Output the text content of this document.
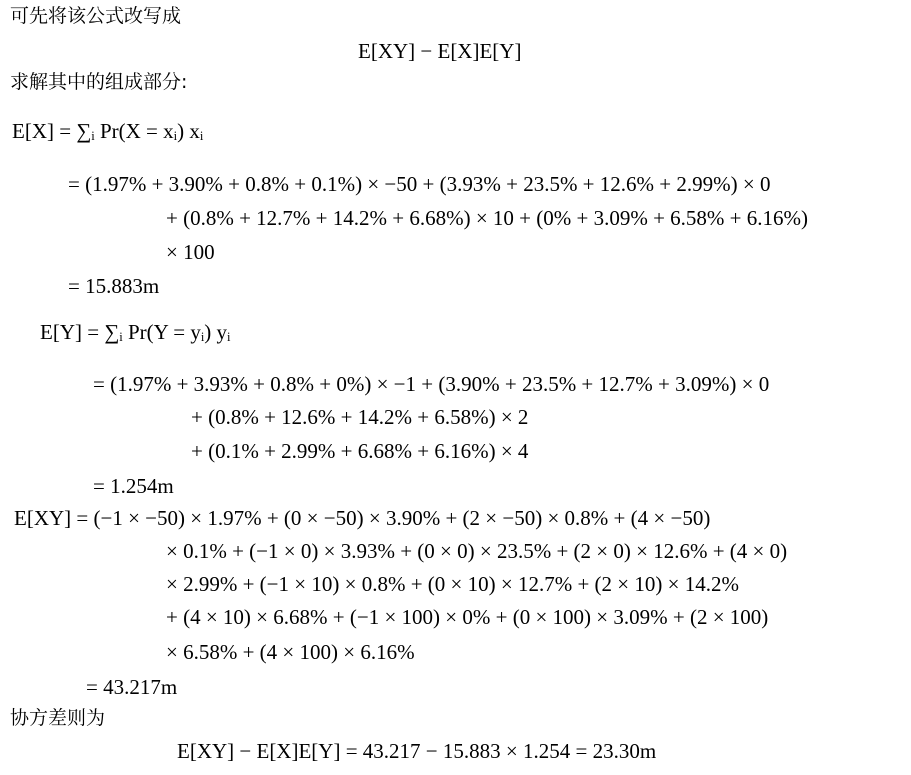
可先将该公式改写成
E[XY] − E[X]E[Y]
求解其中的组成部分:
E[X] = ∑ᵢ Pr(X = xᵢ) xᵢ
= (1.97% + 3.90% + 0.8% + 0.1%) × −50 + (3.93% + 23.5% + 12.6% + 2.99%) × 0
+ (0.8% + 12.7% + 14.2% + 6.68%) × 10 + (0% + 3.09% + 6.58% + 6.16%)
× 100
= 15.883m
E[Y] = ∑ᵢ Pr(Y = yᵢ) yᵢ
= (1.97% + 3.93% + 0.8% + 0%) × −1 + (3.90% + 23.5% + 12.7% + 3.09%) × 0
+ (0.8% + 12.6% + 14.2% + 6.58%) × 2
+ (0.1% + 2.99% + 6.68% + 6.16%) × 4
= 1.254m
E[XY] = (−1 × −50) × 1.97% + (0 × −50) × 3.90% + (2 × −50) × 0.8% + (4 × −50)
× 0.1% + (−1 × 0) × 3.93% + (0 × 0) × 23.5% + (2 × 0) × 12.6% + (4 × 0)
× 2.99% + (−1 × 10) × 0.8% + (0 × 10) × 12.7% + (2 × 10) × 14.2%
+ (4 × 10) × 6.68% + (−1 × 100) × 0% + (0 × 100) × 3.09% + (2 × 100)
× 6.58% + (4 × 100) × 6.16%
= 43.217m
协方差则为
E[XY] − E[X]E[Y] = 43.217 − 15.883 × 1.254 = 23.30m
